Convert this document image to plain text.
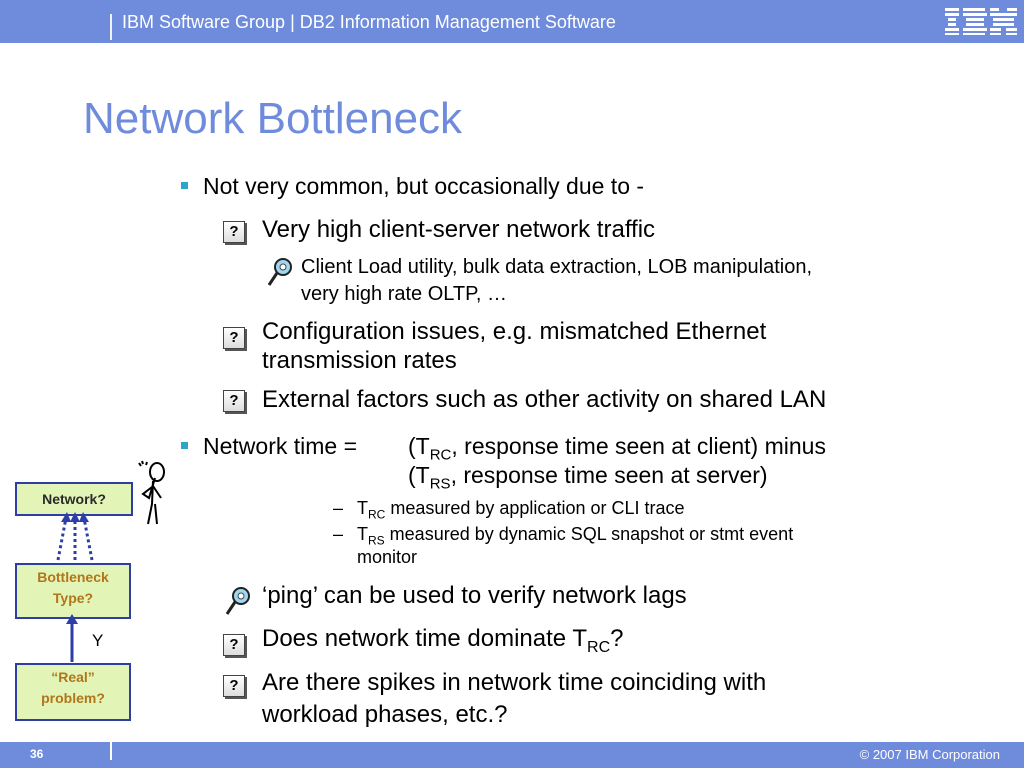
IBM Software Group | DB2 Information Management Software
Network Bottleneck
Not very common, but occasionally due to -
? Very high client-server network traffic
Client Load utility, bulk data extraction, LOB manipulation,
very high rate OLTP, …
? Configuration issues, e.g. mismatched Ethernet
transmission rates
? External factors such as other activity on shared LAN
Network time = ($T_{RC}$, response time seen at client) minus
($T_{RS}$, response time seen at server)
– $T_{RC}$ measured by application or CLI trace
– $T_{RS}$ measured by dynamic SQL snapshot or stmt event
monitor
‘ping’ can be used to verify network lags
? Does network time dominate $T_{RC}$?
? Are there spikes in network time coinciding with
workload phases, etc.?
Network?
Bottleneck
Type?
Y
“Real”
problem?
36	© 2007 IBM Corporation
